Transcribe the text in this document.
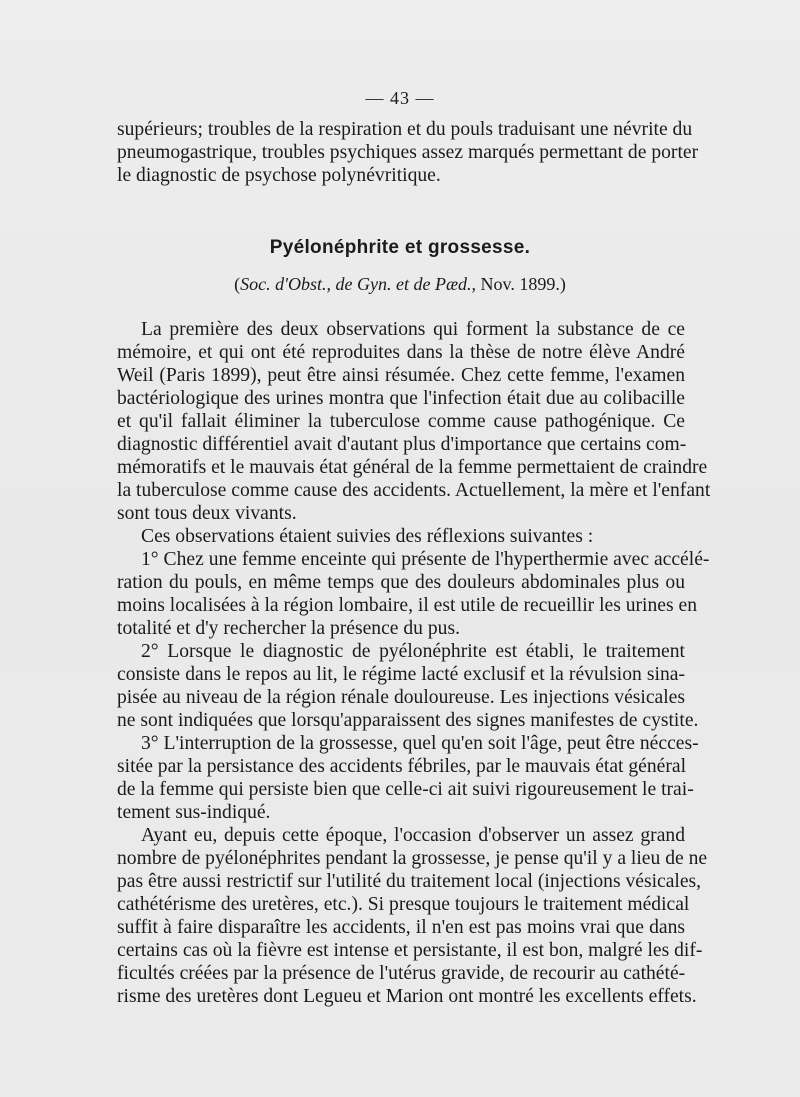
— 43 —
supérieurs; troubles de la respiration et du pouls traduisant une névrite du
pneumogastrique, troubles psychiques assez marqués permettant de porter
le diagnostic de psychose polynévritique.
Pyélonéphrite et grossesse.
(Soc. d'Obst., de Gyn. et de Pæd., Nov. 1899.)
La première des deux observations qui forment la substance de ce
mémoire, et qui ont été reproduites dans la thèse de notre élève André
Weil (Paris 1899), peut être ainsi résumée. Chez cette femme, l'examen
bactériologique des urines montra que l'infection était due au colibacille
et qu'il fallait éliminer la tuberculose comme cause pathogénique. Ce
diagnostic différentiel avait d'autant plus d'importance que certains com-
mémoratifs et le mauvais état général de la femme permettaient de craindre
la tuberculose comme cause des accidents. Actuellement, la mère et l'enfant
sont tous deux vivants.
Ces observations étaient suivies des réflexions suivantes :
1° Chez une femme enceinte qui présente de l'hyperthermie avec accélé-
ration du pouls, en même temps que des douleurs abdominales plus ou
moins localisées à la région lombaire, il est utile de recueillir les urines en
totalité et d'y rechercher la présence du pus.
2° Lorsque le diagnostic de pyélonéphrite est établi, le traitement
consiste dans le repos au lit, le régime lacté exclusif et la révulsion sina-
pisée au niveau de la région rénale douloureuse. Les injections vésicales
ne sont indiquées que lorsqu'apparaissent des signes manifestes de cystite.
3° L'interruption de la grossesse, quel qu'en soit l'âge, peut être nécces-
sitée par la persistance des accidents fébriles, par le mauvais état général
de la femme qui persiste bien que celle-ci ait suivi rigoureusement le trai-
tement sus-indiqué.
Ayant eu, depuis cette époque, l'occasion d'observer un assez grand
nombre de pyélonéphrites pendant la grossesse, je pense qu'il y a lieu de ne
pas être aussi restrictif sur l'utilité du traitement local (injections vésicales,
cathétérisme des uretères, etc.). Si presque toujours le traitement médical
suffit à faire disparaître les accidents, il n'en est pas moins vrai que dans
certains cas où la fièvre est intense et persistante, il est bon, malgré les dif-
ficultés créées par la présence de l'utérus gravide, de recourir au cathété-
risme des uretères dont Legueu et Marion ont montré les excellents effets.
